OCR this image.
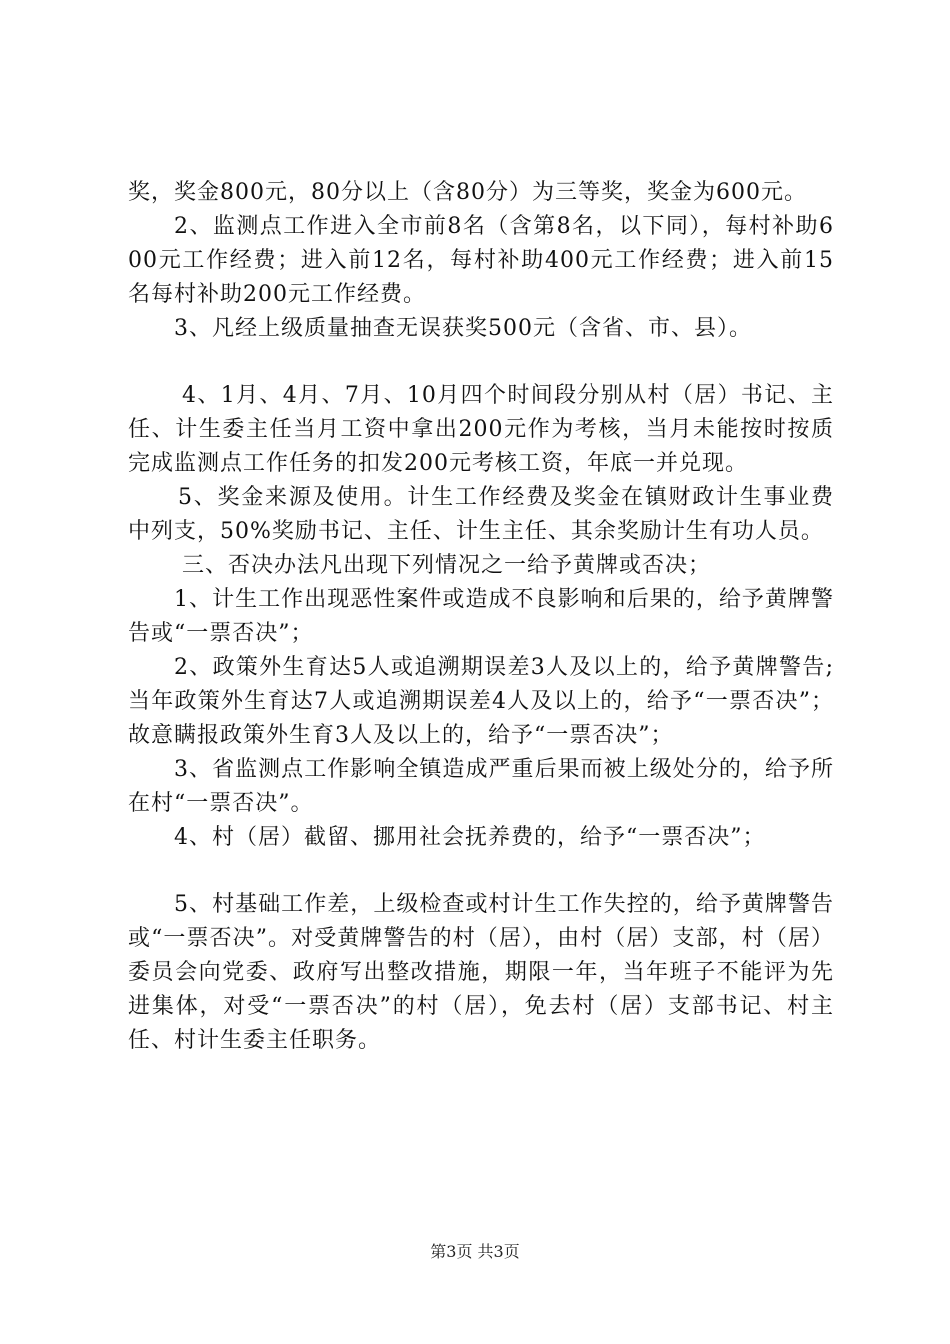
奖，奖金800元，80分以上（含80分）为三等奖，奖金为600元。

2、监测点工作进入全市前8名（含第8名，以下同），每村补助600元工作经费；进入前12名，每村补助400元工作经费；进入前15名每村补助200元工作经费。

3、凡经上级质量抽查无误获奖500元（含省、市、县）。

4、1月、4月、7月、10月四个时间段分别从村（居）书记、主任、计生委主任当月工资中拿出200元作为考核，当月未能按时按质完成监测点工作任务的扣发200元考核工资，年底一并兑现。

5、奖金来源及使用。计生工作经费及奖金在镇财政计生事业费中列支，50%奖励书记、主任、计生主任、其余奖励计生有功人员。

三、否决办法凡出现下列情况之一给予黄牌或否决；

1、计生工作出现恶性案件或造成不良影响和后果的，给予黄牌警告或“一票否决”；

2、政策外生育达5人或追溯期误差3人及以上的，给予黄牌警告;当年政策外生育达7人或追溯期误差4人及以上的，给予“一票否决”；故意瞒报政策外生育3人及以上的，给予“一票否决”；

3、省监测点工作影响全镇造成严重后果而被上级处分的，给予所在村“一票否决”。

4、村（居）截留、挪用社会抚养费的，给予“一票否决”；

5、村基础工作差，上级检查或村计生工作失控的，给予黄牌警告或“一票否决”。对受黄牌警告的村（居），由村（居）支部，村（居）委员会向党委、政府写出整改措施，期限一年，当年班子不能评为先进集体，对受“一票否决”的村（居），免去村（居）支部书记、村主任、村计生委主任职务。

第3页 共3页
